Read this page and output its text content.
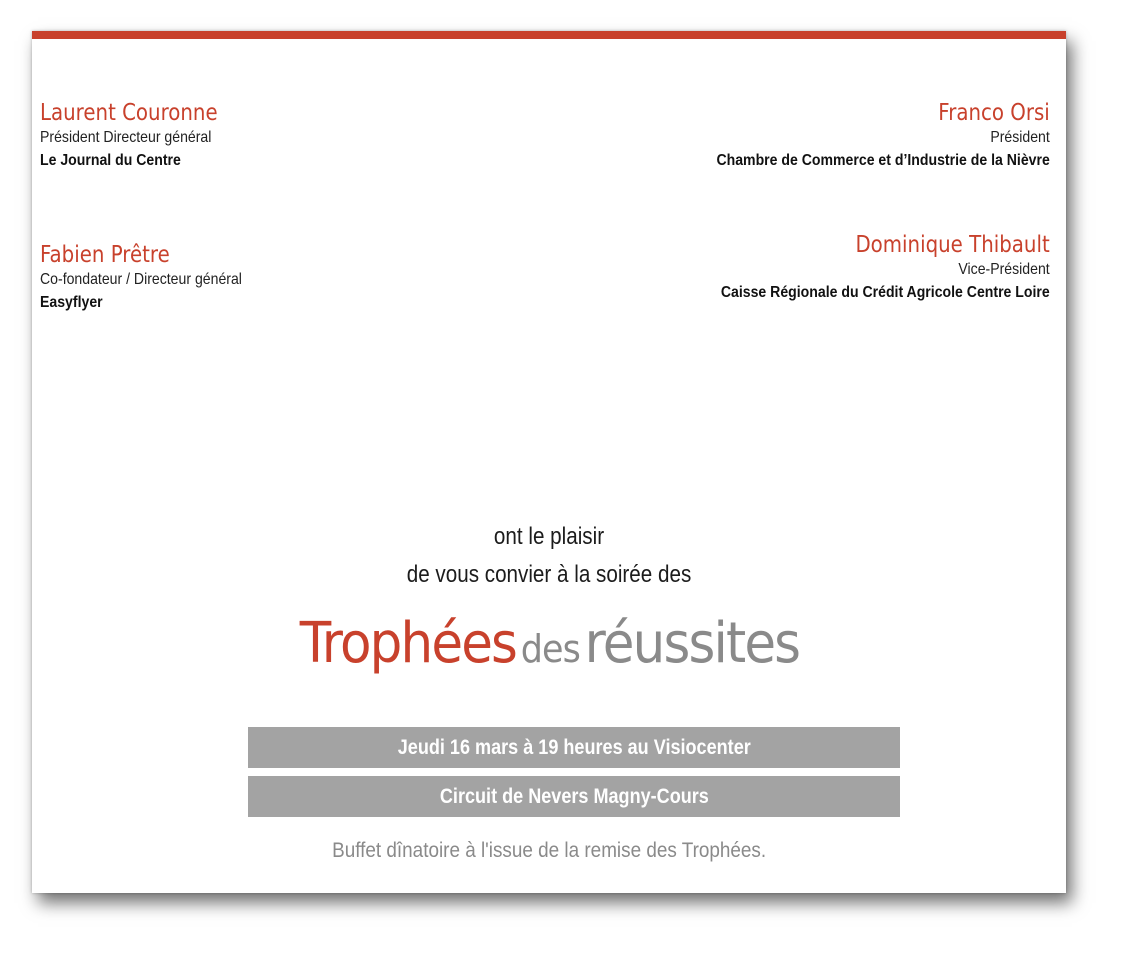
Laurent Couronne
Président Directeur général
Le Journal du Centre
Franco Orsi
Président
Chambre de Commerce et d’Industrie de la Nièvre
Fabien Prêtre
Co-fondateur / Directeur général
Easyflyer
Dominique Thibault
Vice-Président
Caisse Régionale du Crédit Agricole Centre Loire
ont le plaisir
de vous convier à la soirée des
Trophées des réussites
Jeudi 16 mars à 19 heures au Visiocenter
Circuit de Nevers Magny-Cours
Buffet dînatoire à l'issue de la remise des Trophées.
